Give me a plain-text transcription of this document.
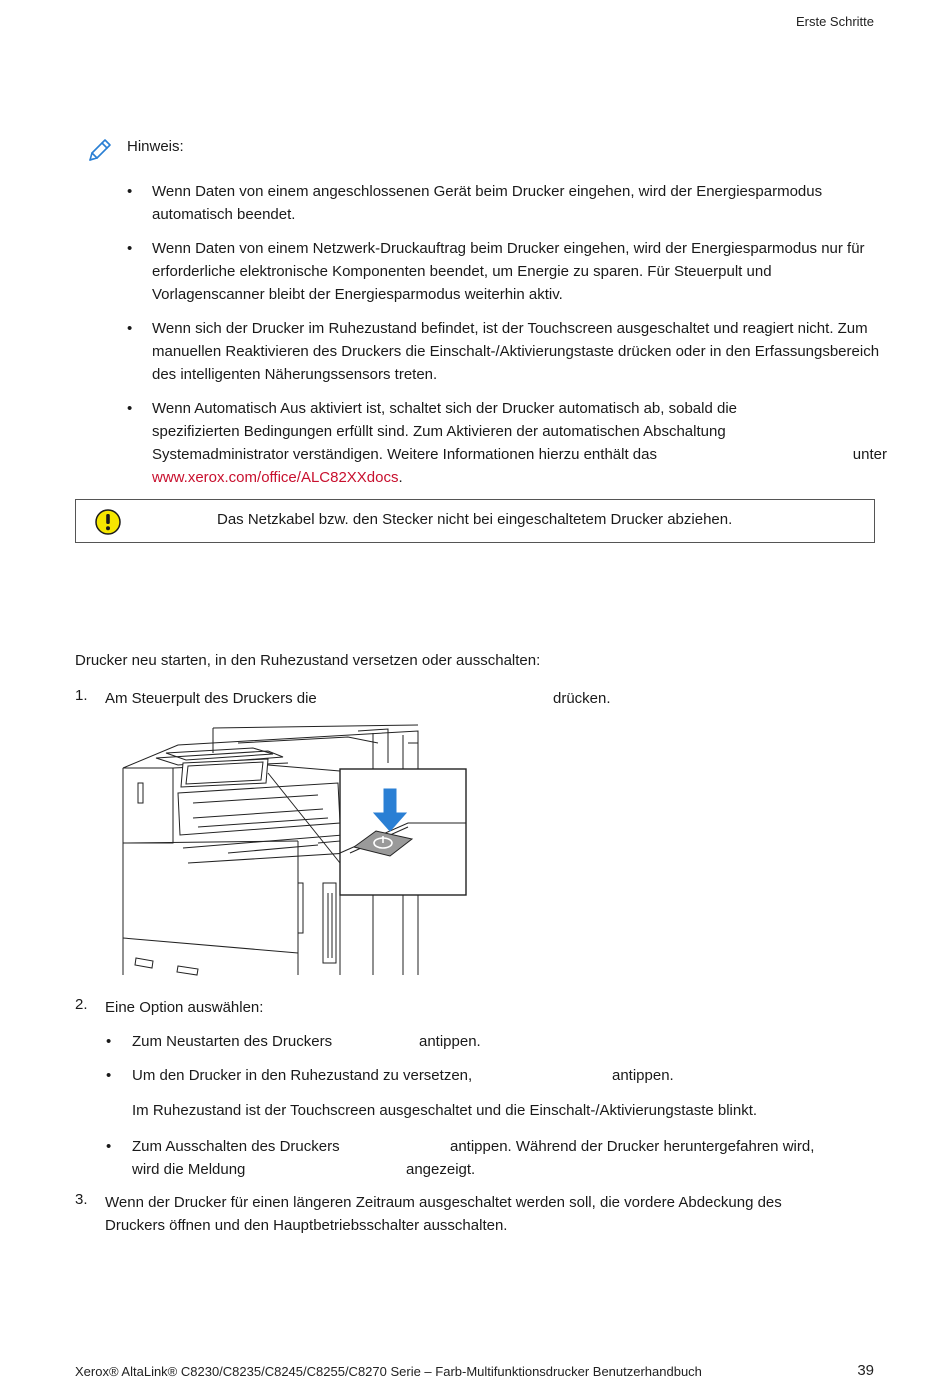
Erste Schritte
Hinweis:
• Wenn Daten von einem angeschlossenen Gerät beim Drucker eingehen, wird der Energiesparmodus automatisch beendet.
• Wenn Daten von einem Netzwerk-Druckauftrag beim Drucker eingehen, wird der Energiesparmodus nur für erforderliche elektronische Komponenten beendet, um Energie zu sparen. Für Steuerpult und Vorlagenscanner bleibt der Energiesparmodus weiterhin aktiv.
• Wenn sich der Drucker im Ruhezustand befindet, ist der Touchscreen ausgeschaltet und reagiert nicht. Zum manuellen Reaktivieren des Druckers die Einschalt-/Aktivierungstaste drücken oder in den Erfassungsbereich des intelligenten Näherungssensors treten.
• Wenn Automatisch Aus aktiviert ist, schaltet sich der Drucker automatisch ab, sobald die
spezifizierten Bedingungen erfüllt sind. Zum Aktivieren der automatischen Abschaltung
Systemadministrator verständigen. Weitere Informationen hierzu enthält das	unter
www.xerox.com/office/ALC82XXdocs.
Das Netzkabel bzw. den Stecker nicht bei eingeschaltetem Drucker abziehen.
Drucker neu starten, in den Ruhezustand versetzen oder ausschalten:
1. Am Steuerpult des Druckers die	drücken.
2. Eine Option auswählen:
• Zum Neustarten des Druckers	antippen.
• Um den Drucker in den Ruhezustand zu versetzen,	antippen.
Im Ruhezustand ist der Touchscreen ausgeschaltet und die Einschalt-/Aktivierungstaste blinkt.
• Zum Ausschalten des Druckers	antippen. Während der Drucker heruntergefahren wird,
wird die Meldung	angezeigt.
3. Wenn der Drucker für einen längeren Zeitraum ausgeschaltet werden soll, die vordere Abdeckung des
Druckers öffnen und den Hauptbetriebsschalter ausschalten.
Xerox® AltaLink® C8230/C8235/C8245/C8255/C8270 Serie – Farb-Multifunktionsdrucker Benutzerhandbuch	39
